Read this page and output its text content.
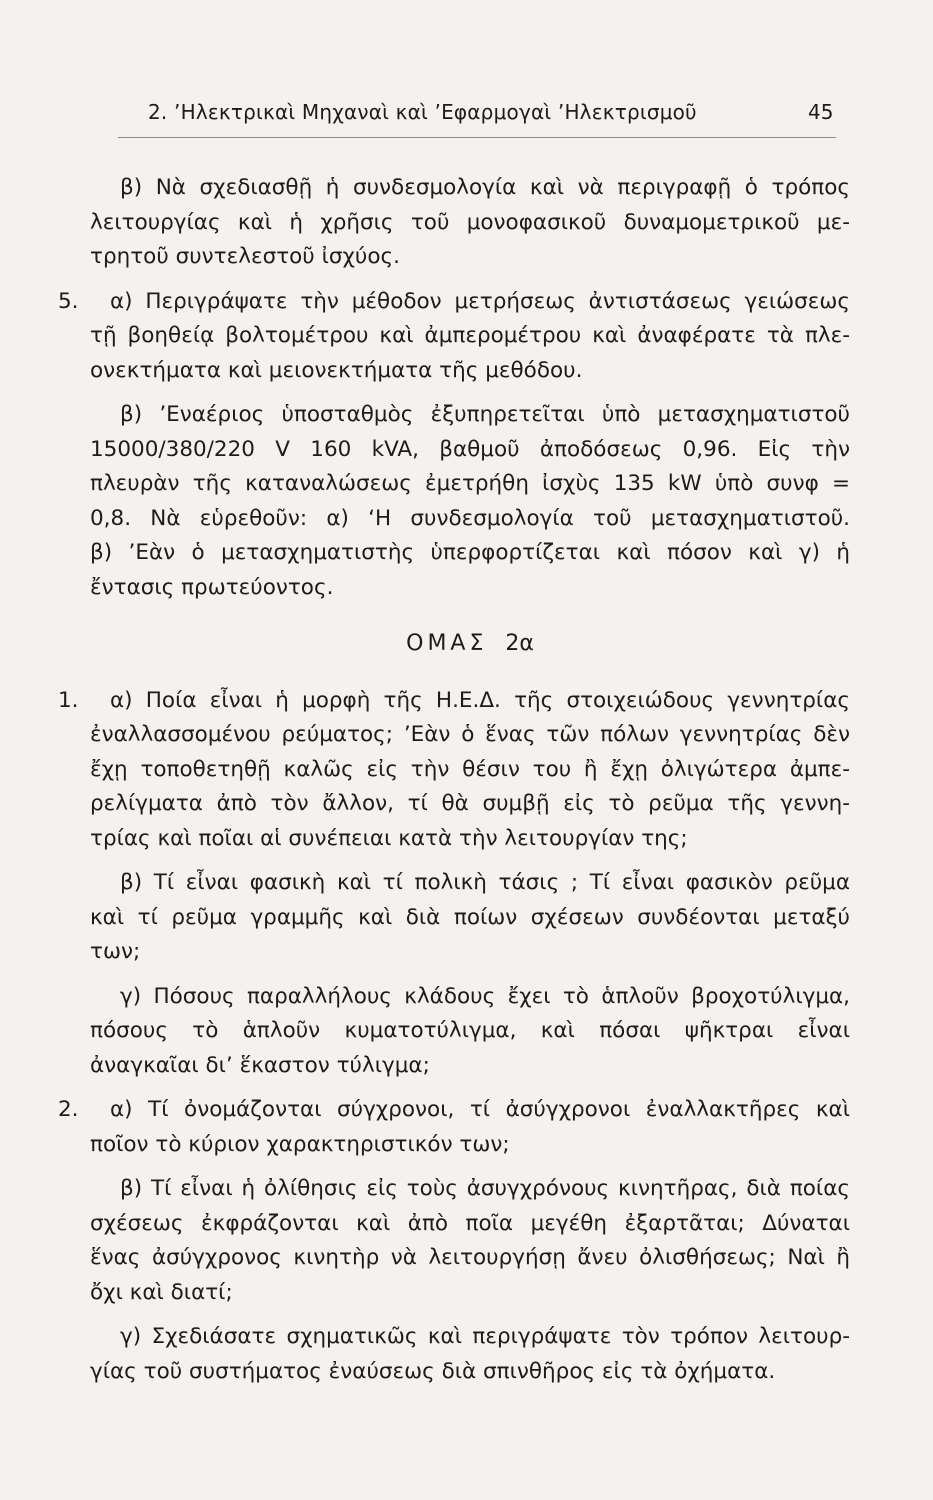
2. ’Ηλεκτρικαὶ Μηχαναὶ καὶ ’Εφαρμογαὶ ’Ηλεκτρισμοῦ	45
β) Νὰ σχεδιασθῇ ἡ συνδεσμολογία καὶ νὰ περιγραφῇ ὁ τρόπος
λειτουργίας καὶ ἡ χρῆσις τοῦ μονοφασικοῦ δυναμομετρικοῦ με-
τρητοῦ συντελεστοῦ ἰσχύος.
5. α) Περιγράψατε τὴν μέθοδον μετρήσεως ἀντιστάσεως γειώσεως
τῇ βοηθείᾳ βολτομέτρου καὶ ἀμπερομέτρου καὶ ἀναφέρατε τὰ πλε-
ονεκτήματα καὶ μειονεκτήματα τῆς μεθόδου.
β) ’Εναέριος ὑποσταθμὸς ἐξυπηρετεῖται ὑπὸ μετασχηματιστοῦ
15000/380/220 V 160 kVA, βαθμοῦ ἀποδόσεως 0,96. Εἰς τὴν
πλευρὰν τῆς καταναλώσεως ἐμετρήθη ἰσχὺς 135 kW ὑπὸ συνφ =
0,8. Νὰ εὑρεθοῦν: α) ‘Η συνδεσμολογία τοῦ μετασχηματιστοῦ.
β) ’Εὰν ὁ μετασχηματιστὴς ὑπερφορτίζεται καὶ πόσον καὶ γ) ἡ
ἔντασις πρωτεύοντος.
ΟΜΑΣ 2α
1. α) Ποία εἶναι ἡ μορφὴ τῆς Η.Ε.Δ. τῆς στοιχειώδους γεννητρίας
ἐναλλασσομένου ρεύματος; ’Εὰν ὁ ἕνας τῶν πόλων γεννητρίας δὲν
ἔχῃ τοποθετηθῇ καλῶς εἰς τὴν θέσιν του ἢ ἔχῃ ὀλιγώτερα ἀμπε-
ρελίγματα ἀπὸ τὸν ἄλλον, τί θὰ συμβῇ εἰς τὸ ρεῦμα τῆς γεννη-
τρίας καὶ ποῖαι αἱ συνέπειαι κατὰ τὴν λειτουργίαν της;
β) Τί εἶναι φασικὴ καὶ τί πολικὴ τάσις ; Τί εἶναι φασικὸν ρεῦμα
καὶ τί ρεῦμα γραμμῆς καὶ διὰ ποίων σχέσεων συνδέονται μεταξύ
των;
γ) Πόσους παραλλήλους κλάδους ἔχει τὸ ἁπλοῦν βροχοτύλιγμα,
πόσους τὸ ἁπλοῦν κυματοτύλιγμα, καὶ πόσαι ψῆκτραι εἶναι
ἀναγκαῖαι δι’ ἕκαστον τύλιγμα;
2. α) Τί ὀνομάζονται σύγχρονοι, τί ἀσύγχρονοι ἐναλλακτῆρες καὶ
ποῖον τὸ κύριον χαρακτηριστικόν των;
β) Τί εἶναι ἡ ὀλίθησις εἰς τοὺς ἀσυγχρόνους κινητῆρας, διὰ ποίας
σχέσεως ἐκφράζονται καὶ ἀπὸ ποῖα μεγέθη ἐξαρτᾶται; Δύναται
ἕνας ἀσύγχρονος κινητὴρ νὰ λειτουργήσῃ ἄνευ ὀλισθήσεως; Ναὶ ἢ
ὄχι καὶ διατί;
γ) Σχεδιάσατε σχηματικῶς καὶ περιγράψατε τὸν τρόπον λειτουρ-
γίας τοῦ συστήματος ἐναύσεως διὰ σπινθῆρος εἰς τὰ ὀχήματα.
